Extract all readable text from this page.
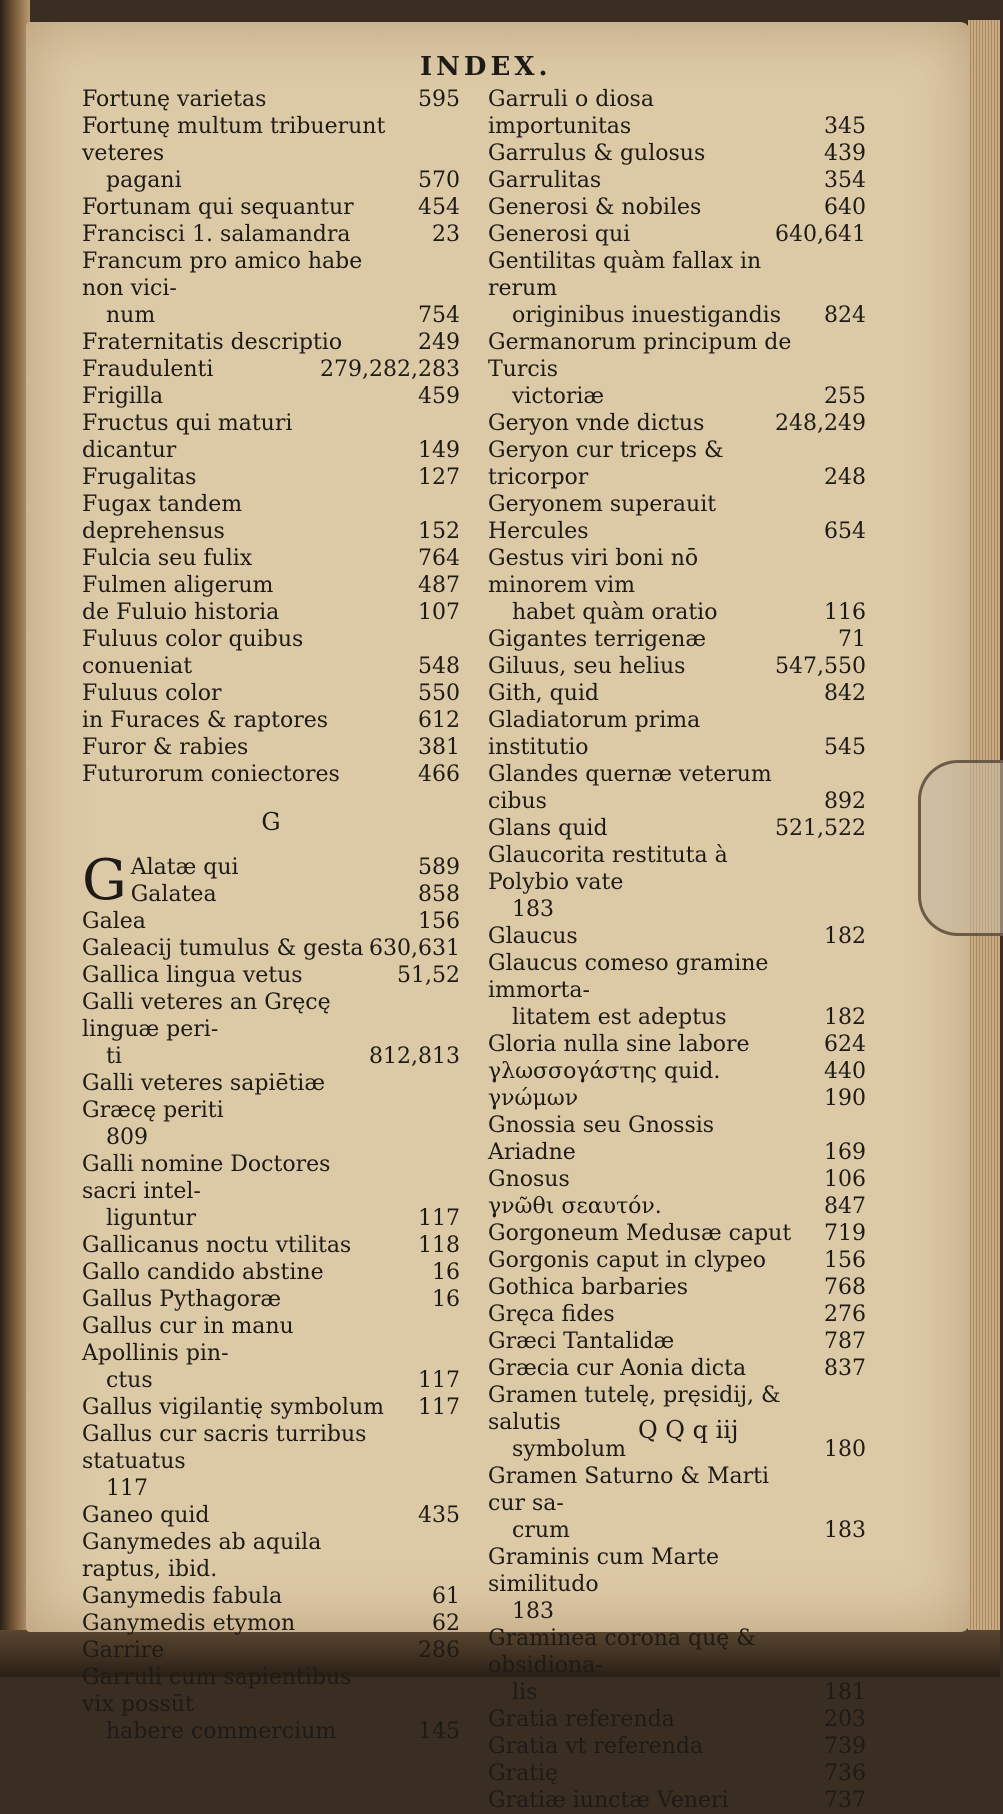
INDEX.
Fortunę varietas	595
Fortunę multum tribuerunt veteres
pagani	570
Fortunam qui sequantur	454
Francisci 1. salamandra	23
Francum pro amico habe non vici-
num	754
Fraternitatis descriptio	249
Fraudulenti	279,282,283
Frigilla	459
Fructus qui maturi dicantur	149
Frugalitas	127
Fugax tandem deprehensus	152
Fulcia seu fulix	764
Fulmen aligerum	487
de Fuluio historia	107
Fuluus color quibus conueniat	548
Fuluus color	550
in Furaces & raptores	612
Furor & rabies	381
Futurorum coniectores	466
G
G Alatæ qui	589
Galatea	858
Galea	156
Galeacij tumulus & gesta 630,631
Gallica lingua vetus	51,52
Galli veteres an Gręcę linguæ peri-
ti	812,813
Galli veteres sapiētiæ Græcę periti
809
Galli nomine Doctores sacri intel-
liguntur	117
Gallicanus noctu vtilitas	118
Gallo candido abstine	16
Gallus Pythagoræ	16
Gallus cur in manu Apollinis pin-
ctus	117
Gallus vigilantię symbolum	117
Gallus cur sacris turribus statuatus
117
Ganeo quid	435
Ganymedes ab aquila raptus, ibid.
Ganymedis fabula	61
Ganymedis etymon	62
Garrire	286
Garruli cum sapientibus vix possūt
habere commercium	145
Garruli o diosa importunitas	345
Garrulus & gulosus	439
Garrulitas	354
Generosi & nobiles	640
Generosi qui	640,641
Gentilitas quàm fallax in rerum
originibus inuestigandis	824
Germanorum principum de Turcis
victoriæ	255
Geryon vnde dictus	248,249
Geryon cur triceps & tricorpor	248
Geryonem superauit Hercules	654
Gestus viri boni nō minorem vim
habet quàm oratio	116
Gigantes terrigenæ	71
Giluus, seu helius	547,550
Gith, quid	842
Gladiatorum prima institutio	545
Glandes quernæ veterum cibus	892
Glans quid	521,522
Glaucorita restituta à Polybio vate
183
Glaucus	182
Glaucus comeso gramine immorta-
litatem est adeptus	182
Gloria nulla sine labore	624
γλωσσογάστης quid.	440
γνώμων	190
Gnossia seu Gnossis Ariadne	169
Gnosus	106
γνῶθι σεαυτόν.	847
Gorgoneum Medusæ caput	719
Gorgonis caput in clypeo	156
Gothica barbaries	768
Gręca fides	276
Græci Tantalidæ	787
Græcia cur Aonia dicta	837
Gramen tutelę, pręsidij, & salutis
symbolum	180
Gramen Saturno & Marti cur sa-
crum	183
Graminis cum Marte similitudo
183
Graminea corona quę & obsidiona-
lis	181
Gratia referenda	203
Gratia vt referenda	739
Gratię	736
Gratiæ iunctæ Veneri	737
Q Q q iij
